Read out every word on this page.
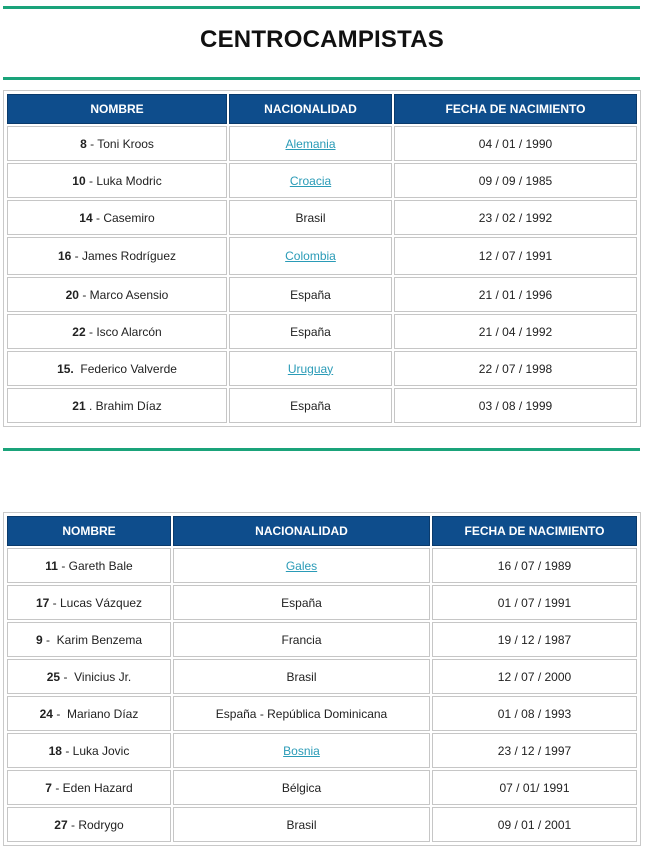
CENTROCAMPISTAS
NOMBRE	NACIONALIDAD	FECHA DE NACIMIENTO
8 - Toni Kroos	Alemania	04 / 01 / 1990
10 - Luka Modric	Croacia	09 / 09 / 1985
14 - Casemiro	Brasil	23 / 02 / 1992
16 - James Rodríguez	Colombia	12 / 07 / 1991
20 - Marco Asensio	España	21 / 01 / 1996
22 - Isco Alarcón	España	21 / 04 / 1992
15. Federico Valverde	Uruguay	22 / 07 / 1998
21 . Brahim Díaz	España	03 / 08 / 1999
NOMBRE	NACIONALIDAD	FECHA DE NACIMIENTO
11 - Gareth Bale	Gales	16 / 07 / 1989
17 - Lucas Vázquez	España	01 / 07 / 1991
9 -  Karim Benzema	Francia	19 / 12 / 1987
25 -  Vinicius Jr.	Brasil	12 / 07 / 2000
24 -  Mariano Díaz	España - República Dominicana	01 / 08 / 1993
18 - Luka Jovic	Bosnia	23 / 12 / 1997
7 - Eden Hazard	Bélgica	07 / 01/ 1991
27 - Rodrygo	Brasil	09 / 01 / 2001
